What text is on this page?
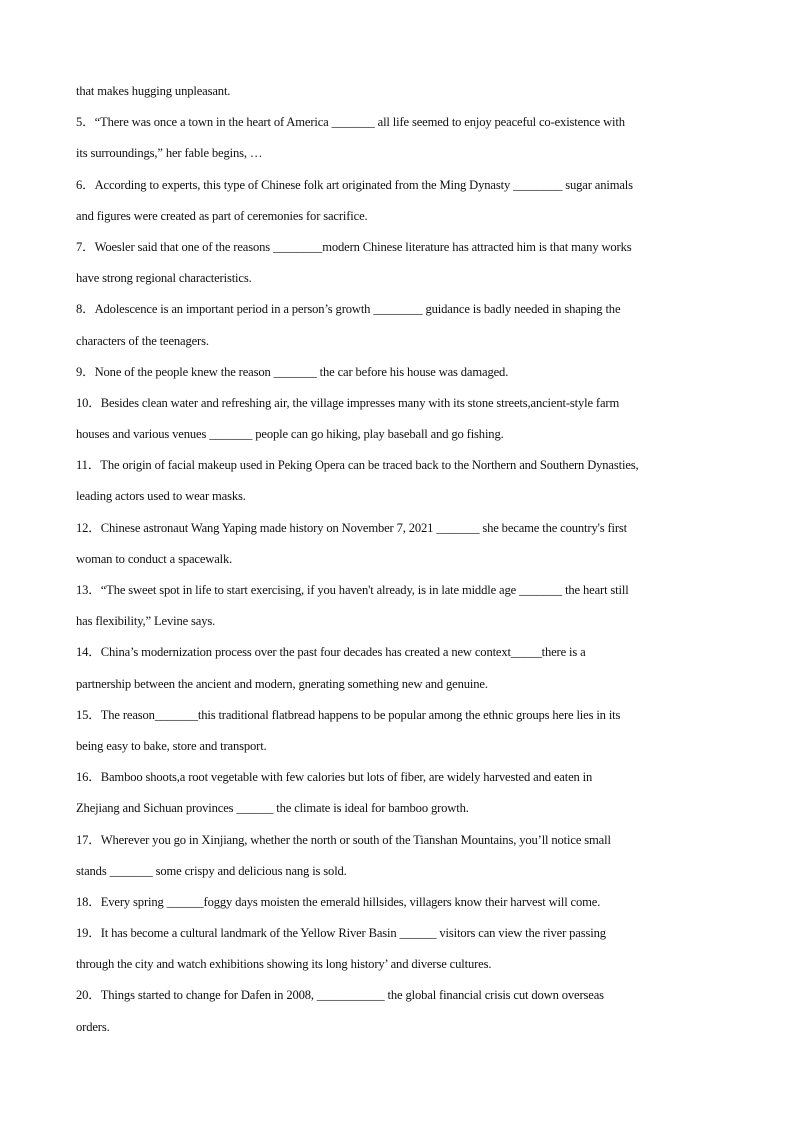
that makes hugging unpleasant.
5．“There was once a town in the heart of America _______ all life seemed to enjoy peaceful co-existence with
its surroundings,” her fable begins, …
6．According to experts, this type of Chinese folk art originated from the Ming Dynasty ________ sugar animals
and figures were created as part of ceremonies for sacrifice.
7．Woesler said that one of the reasons ________modern Chinese literature has attracted him is that many works
have strong regional characteristics.
8．Adolescence is an important period in a person’s growth ________ guidance is badly needed in shaping the
characters of the teenagers.
9．None of the people knew the reason _______ the car before his house was damaged.
10．Besides clean water and refreshing air, the village impresses many with its stone streets,ancient-style farm
houses and various venues _______ people can go hiking, play baseball and go fishing.
11．The origin of facial makeup used in Peking Opera can be traced back to the Northern and Southern Dynasties,
leading actors used to wear masks.
12．Chinese astronaut Wang Yaping made history on November 7, 2021 _______ she became the country's first
woman to conduct a spacewalk.
13．“The sweet spot in life to start exercising, if you haven't already, is in late middle age _______ the heart still
has flexibility,” Levine says.
14．China’s modernization process over the past four decades has created a new context_____there is a
partnership between the ancient and modern, gnerating something new and genuine.
15．The reason_______this traditional flatbread happens to be popular among the ethnic groups here lies in its
being easy to bake, store and transport.
16．Bamboo shoots,a root vegetable with few calories but lots of fiber, are widely harvested and eaten in
Zhejiang and Sichuan provinces ______ the climate is ideal for bamboo growth.
17．Wherever you go in Xinjiang, whether the north or south of the Tianshan Mountains, you’ll notice small
stands _______ some crispy and delicious nang is sold.
18．Every spring ______foggy days moisten the emerald hillsides, villagers know their harvest will come.
19．It has become a cultural landmark of the Yellow River Basin ______ visitors can view the river passing
through the city and watch exhibitions showing its long history’ and diverse cultures.
20．Things started to change for Dafen in 2008, ___________ the global financial crisis cut down overseas
orders.
